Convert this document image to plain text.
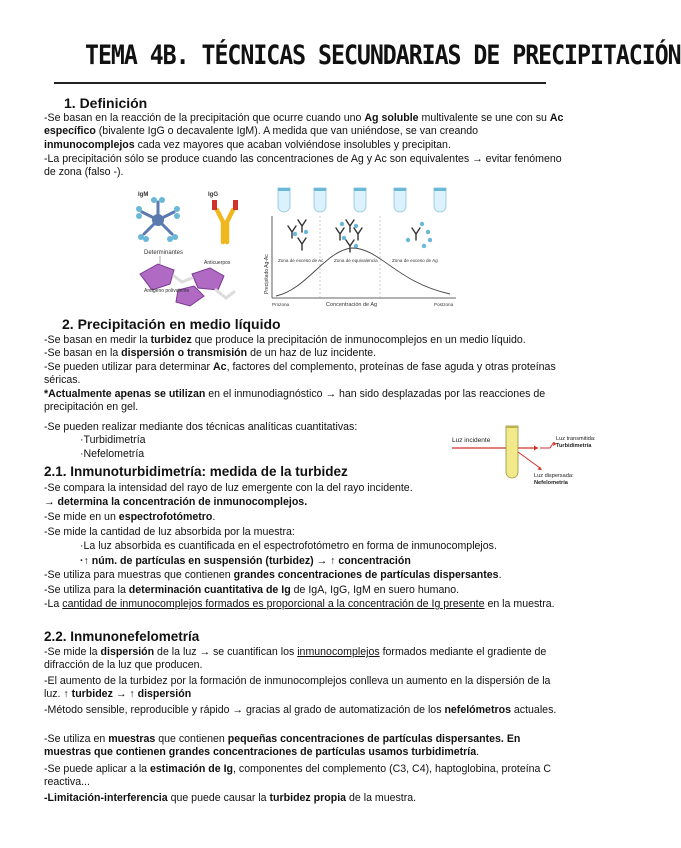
TEMA 4B. TÉCNICAS SECUNDARIAS DE PRECIPITACIÓN
1. Definición
-Se basan en la reacción de la precipitación que ocurre cuando uno Ag soluble multivalente se une con su Ac específico (bivalente IgG o decavalente IgM). A medida que van uniéndose, se van creando inmunocomplejos cada vez mayores que acaban volviéndose insolubles y precipitan.
-La precipitación sólo se produce cuando las concentraciones de Ag y Ac son equivalentes → evitar fenómeno de zona (falso -).
IgM	IgG
Determinantes
Antígeno polivalente
Anticuerpos	Zona de exceso de Ac Zona de equivalencia	Zona de exceso de Ag
Precipitado Ag-Ac
Concentración de Ag
Prozona	Postzona
2. Precipitación en medio líquido
-Se basan en medir la turbidez que produce la precipitación de inmunocomplejos en un medio líquido.
-Se basan en la dispersión o transmisión de un haz de luz incidente.
-Se pueden utilizar para determinar Ac, factores del complemento, proteínas de fase aguda y otras proteínas séricas.
*Actualmente apenas se utilizan en el inmunodiagnóstico → han sido desplazadas por las reacciones de precipitación en gel.
-Se pueden realizar mediante dos técnicas analíticas cuantitativas:
·Turbidimetría
·Nefelometría
Luz incidente	Luz transmitida:
Turbidimetría
Luz dispersada:
Nefelometría
2.1. Inmunoturbidimetría: medida de la turbidez
-Se compara la intensidad del rayo de luz emergente con la del rayo incidente.
→ determina la concentración de inmunocomplejos.
-Se mide en un espectrofotómetro.
-Se mide la cantidad de luz absorbida por la muestra:
·La luz absorbida es cuantificada en el espectrofotómetro en forma de inmunocomplejos.
·↑ núm. de partículas en suspensión (turbidez) → ↑ concentración
-Se utiliza para muestras que contienen grandes concentraciones de partículas dispersantes.
-Se utiliza para la determinación cuantitativa de Ig de IgA, IgG, IgM en suero humano.
-La cantidad de inmunocomplejos formados es proporcional a la concentración de Ig presente en la muestra.
2.2. Inmunonefelometría
-Se mide la dispersión de la luz → se cuantifican los inmunocomplejos formados mediante el gradiente de difracción de la luz que producen.
-El aumento de la turbidez por la formación de inmunocomplejos conlleva un aumento en la dispersión de la luz. ↑ turbidez → ↑ dispersión
-Método sensible, reproducible y rápido → gracias al grado de automatización de los nefelómetros actuales.
-Se utiliza en muestras que contienen pequeñas concentraciones de partículas dispersantes. En muestras que contienen grandes concentraciones de partículas usamos turbidimetría.
-Se puede aplicar a la estimación de Ig, componentes del complemento (C3, C4), haptoglobina, proteína C reactiva...
-Limitación-interferencia que puede causar la turbidez propia de la muestra.
